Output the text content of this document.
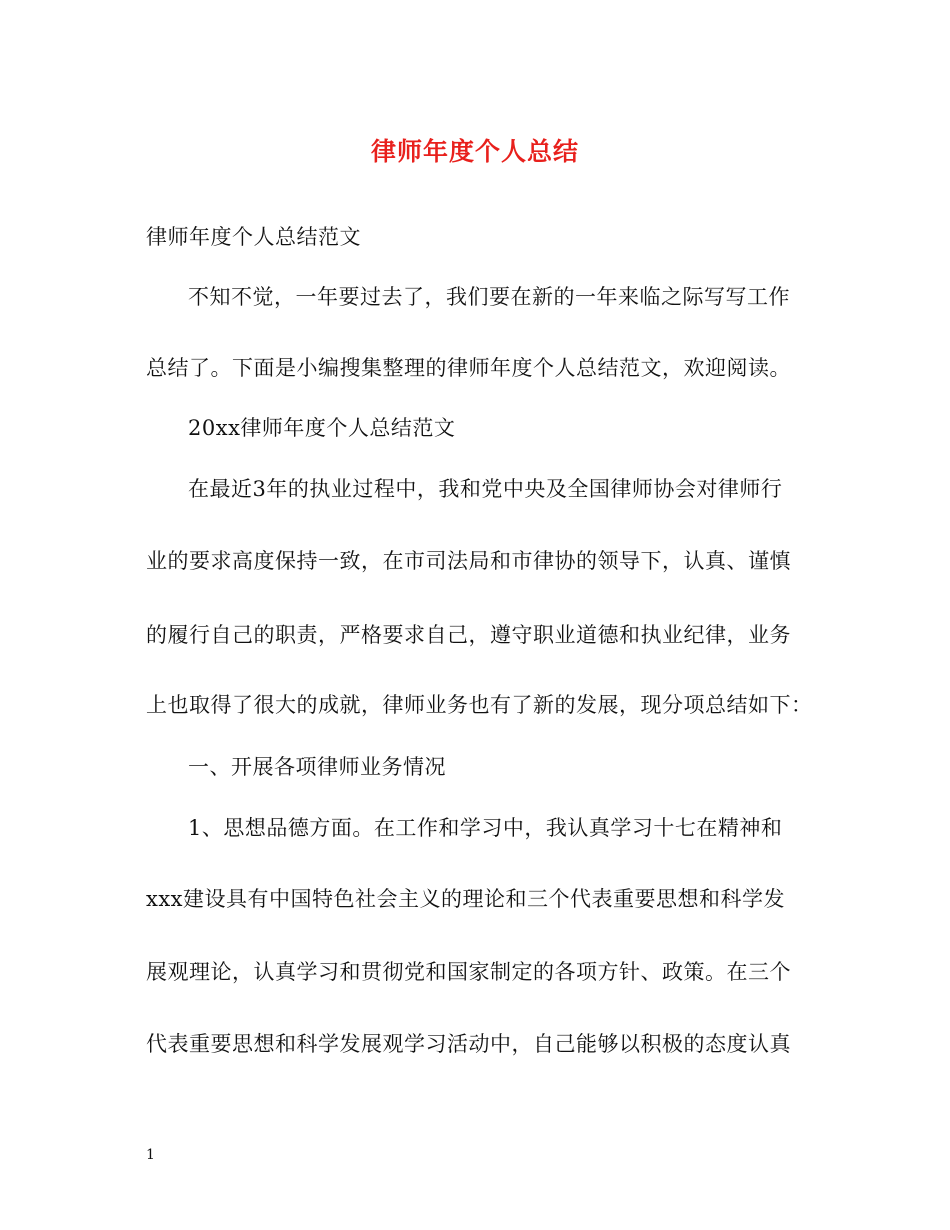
律师年度个人总结
律师年度个人总结范文
不知不觉，一年要过去了，我们要在新的一年来临之际写写工作
总结了。下面是小编搜集整理的律师年度个人总结范文，欢迎阅读。
20xx律师年度个人总结范文
在最近3年的执业过程中，我和党中央及全国律师协会对律师行
业的要求高度保持一致，在市司法局和市律协的领导下，认真、谨慎
的履行自己的职责，严格要求自己，遵守职业道德和执业纪律，业务
上也取得了很大的成就，律师业务也有了新的发展，现分项总结如下：
一、开展各项律师业务情况
1、思想品德方面。在工作和学习中，我认真学习十七在精神和
xxx建设具有中国特色社会主义的理论和三个代表重要思想和科学发
展观理论，认真学习和贯彻党和国家制定的各项方针、政策。在三个
代表重要思想和科学发展观学习活动中，自己能够以积极的态度认真
1
